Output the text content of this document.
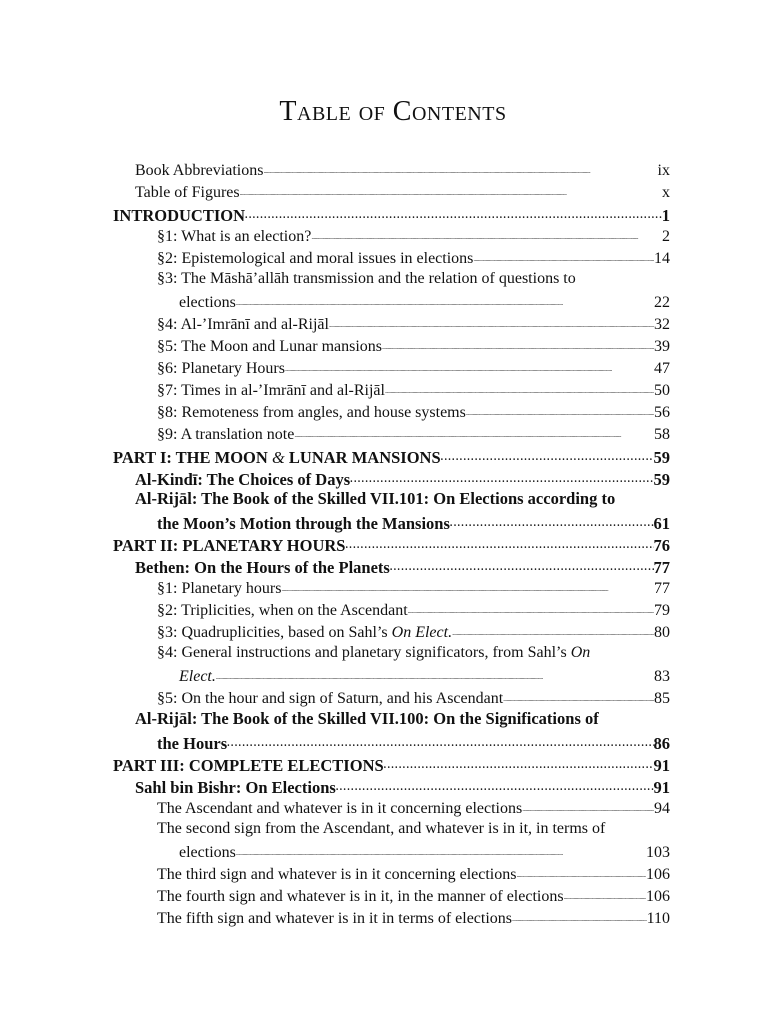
Table of Contents
Book Abbreviations . . .	ix
Table of Figures . . .	x
INTRODUCTION . . .	1
§1: What is an election? . . .	2
§2: Epistemological and moral issues in elections . . .	14
§3: The Māshā’allāh transmission and the relation of questions to
elections . . .	22
§4: Al-’Imrānī and al-Rijāl . . .	32
§5: The Moon and Lunar mansions . . .	39
§6: Planetary Hours . . .	47
§7: Times in al-’Imrānī and al-Rijāl . . .	50
§8: Remoteness from angles, and house systems . . .	56
§9: A translation note . . .	58
PART I: THE MOON & LUNAR MANSIONS . . .	59
Al-Kindī: The Choices of Days . . .	59
Al-Rijāl: The Book of the Skilled VII.101: On Elections according to
the Moon’s Motion through the Mansions . . .	61
PART II: PLANETARY HOURS . . .	76
Bethen: On the Hours of the Planets . . .	77
§1: Planetary hours . . .	77
§2: Triplicities, when on the Ascendant . . .	79
§3: Quadruplicities, based on Sahl’s On Elect. . . .	80
§4: General instructions and planetary significators, from Sahl’s On
Elect. . . .	83
§5: On the hour and sign of Saturn, and his Ascendant . . .	85
Al-Rijāl: The Book of the Skilled VII.100: On the Significations of
the Hours . . .	86
PART III: COMPLETE ELECTIONS . . .	91
Sahl bin Bishr: On Elections . . .	91
The Ascendant and whatever is in it concerning elections . . .	94
The second sign from the Ascendant, and whatever is in it, in terms of
elections . . .	103
The third sign and whatever is in it concerning elections . . .	106
The fourth sign and whatever is in it, in the manner of elections . . .	106
The fifth sign and whatever is in it in terms of elections . . .	110
